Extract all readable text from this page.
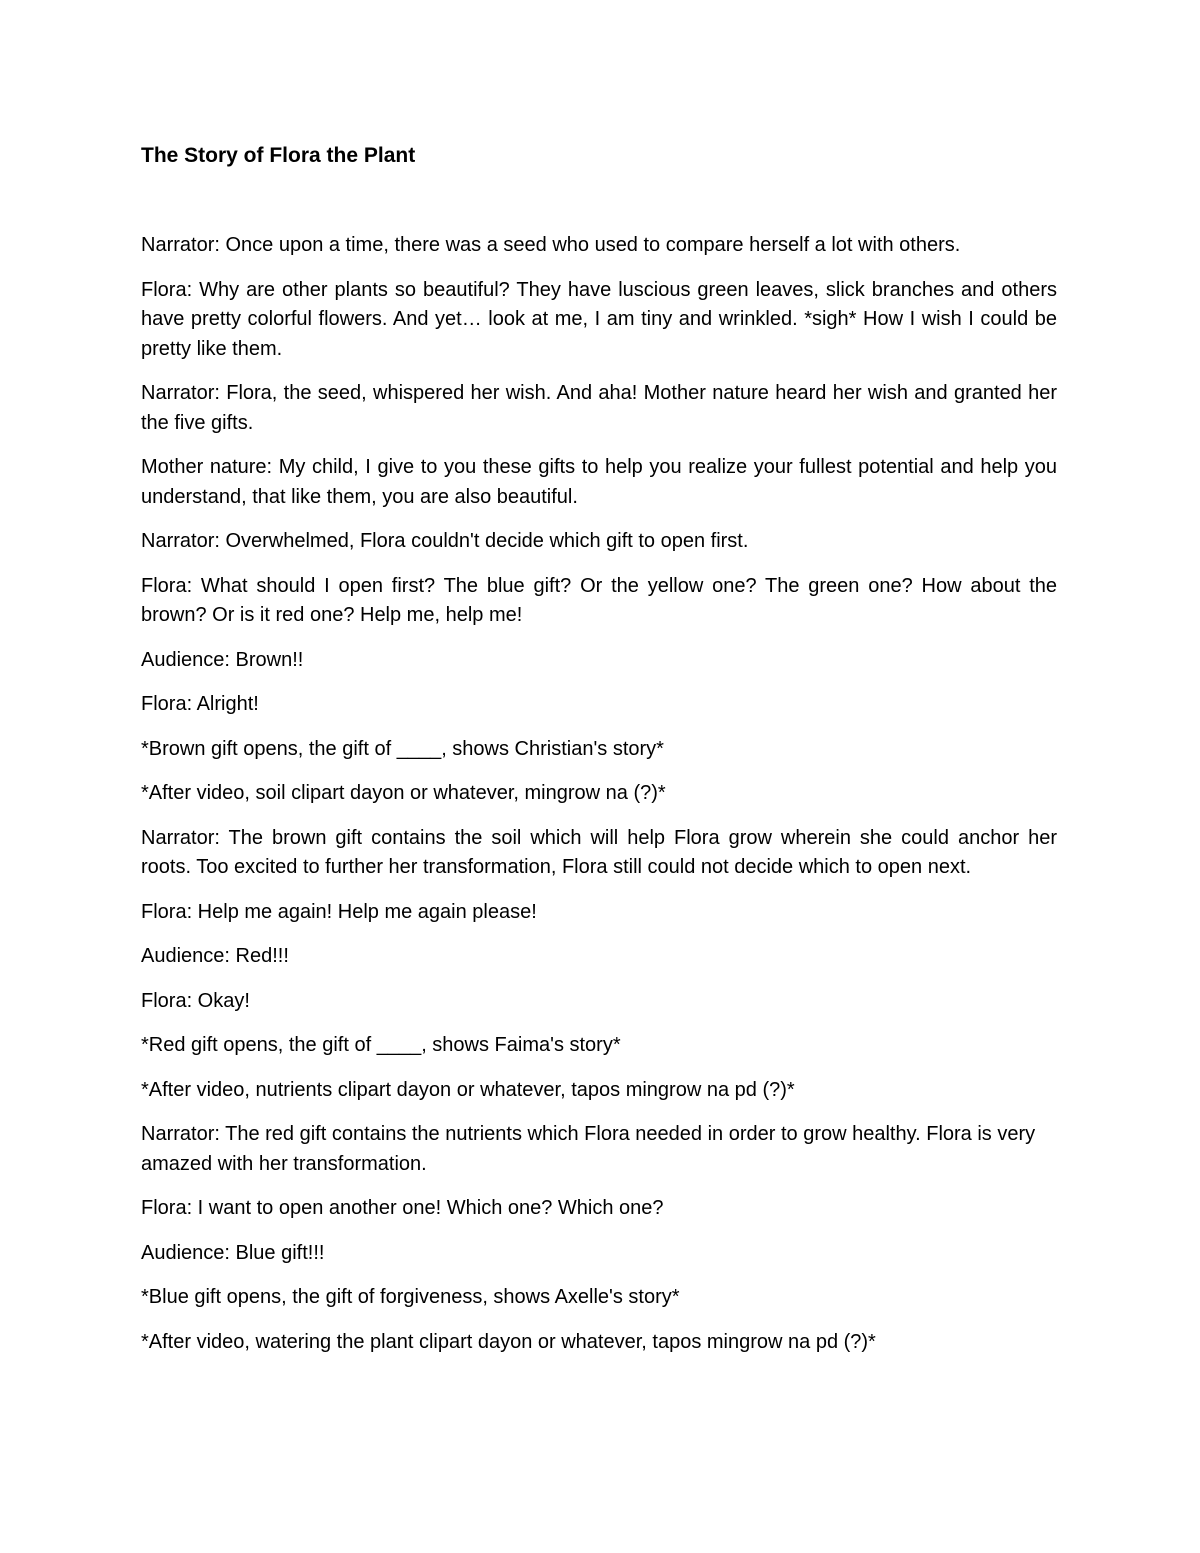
The Story of Flora the Plant

Narrator: Once upon a time, there was a seed who used to compare herself a lot with others.

Flora: Why are other plants so beautiful? They have luscious green leaves, slick branches and others have pretty colorful flowers. And yet… look at me, I am tiny and wrinkled. *sigh* How I wish I could be pretty like them.

Narrator: Flora, the seed, whispered her wish. And aha! Mother nature heard her wish and granted her the five gifts.

Mother nature: My child, I give to you these gifts to help you realize your fullest potential and help you understand, that like them, you are also beautiful.

Narrator: Overwhelmed, Flora couldn't decide which gift to open first.

Flora: What should I open first? The blue gift? Or the yellow one? The green one? How about the brown? Or is it red one? Help me, help me!

Audience: Brown!!

Flora: Alright!

*Brown gift opens, the gift of ____, shows Christian's story*

*After video, soil clipart dayon or whatever, mingrow na (?)*

Narrator: The brown gift contains the soil which will help Flora grow wherein she could anchor her roots. Too excited to further her transformation, Flora still could not decide which to open next.

Flora: Help me again! Help me again please!

Audience: Red!!!

Flora: Okay!

*Red gift opens, the gift of ____, shows Faima's story*

*After video, nutrients clipart dayon or whatever, tapos mingrow na pd (?)*

Narrator: The red gift contains the nutrients which Flora needed in order to grow healthy. Flora is very amazed with her transformation.

Flora: I want to open another one! Which one? Which one?

Audience: Blue gift!!!

*Blue gift opens, the gift of forgiveness, shows Axelle's story*

*After video, watering the plant clipart dayon or whatever, tapos mingrow na pd (?)*
